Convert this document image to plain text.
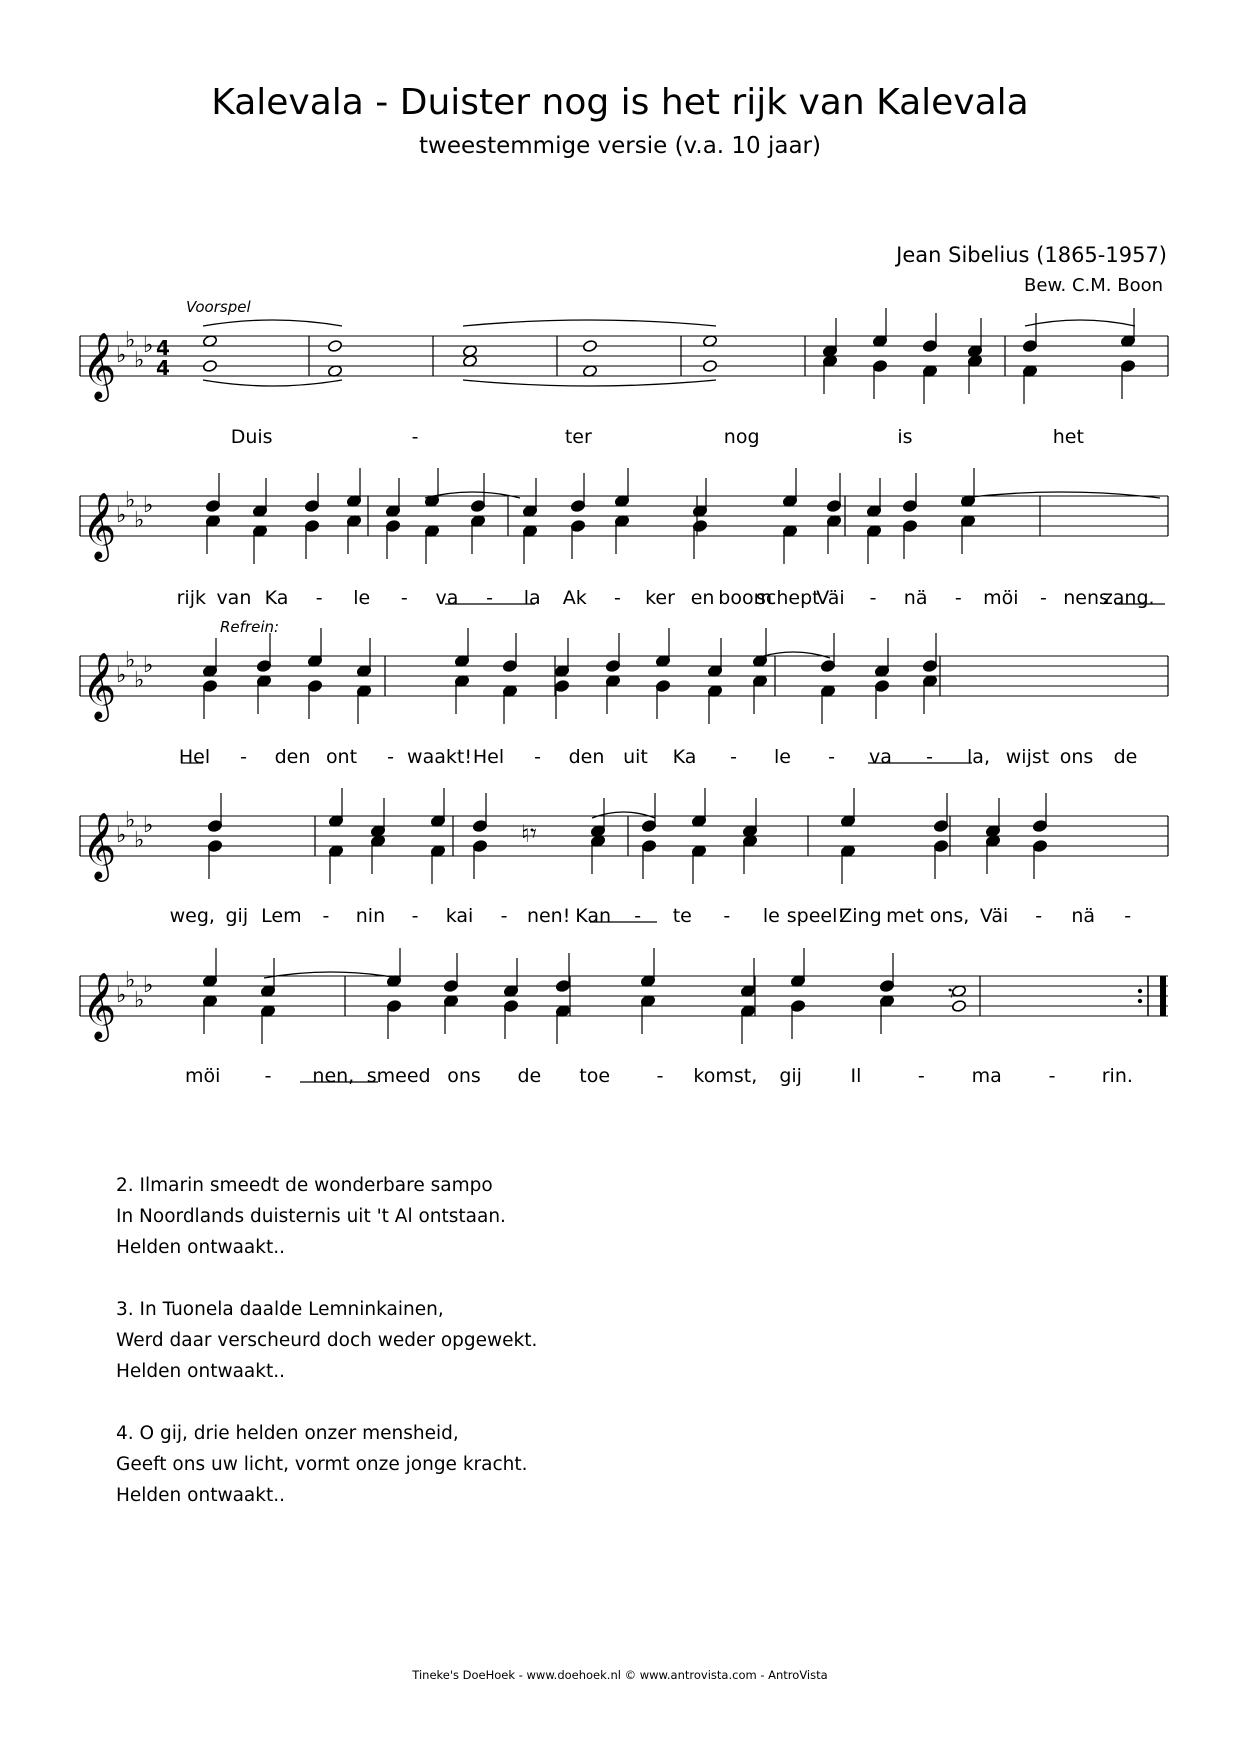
Kalevala - Duister nog is het rijk van Kalevala
tweestemmige versie (v.a. 10 jaar)
Jean Sibelius (1865-1957)
Bew. C.M. Boon
𝄞 ♭
♭
♭
♭ 4
4
Duis	-	ter	nog	is	het
𝄞 ♭
♭
♭
♭
rijk van Ka - le - va - la Ak - ker en boom
schept
Väi - nä - möi - nens
zang.
𝄞 ♭
♭
♭
♭
Hel - den ont - waakt! Hel - den uit Ka - le - va - la, wijst ons de
𝄞 ♭
♭
♭
♭
weg, gij Lem - nin - kai - nen! Kan - te - le speel!
Zing met ons, Väi - nä -
𝄞 ♭
♭
♭
♭
möi - nen, smeed ons de toe - komst, gij	Il	- ma - rin.
𝄾
𝄾
♮
Voorspel
Refrein:
2. Ilmarin smeedt de wonderbare sampo
In Noordlands duisternis uit 't Al ontstaan.
Helden ontwaakt..
3. In Tuonela daalde Lemninkainen,
Werd daar verscheurd doch weder opgewekt.
Helden ontwaakt..
4. O gij, drie helden onzer mensheid,
Geeft ons uw licht, vormt onze jonge kracht.
Helden ontwaakt..
Tineke's DoeHoek - www.doehoek.nl © www.antrovista.com - AntroVista
